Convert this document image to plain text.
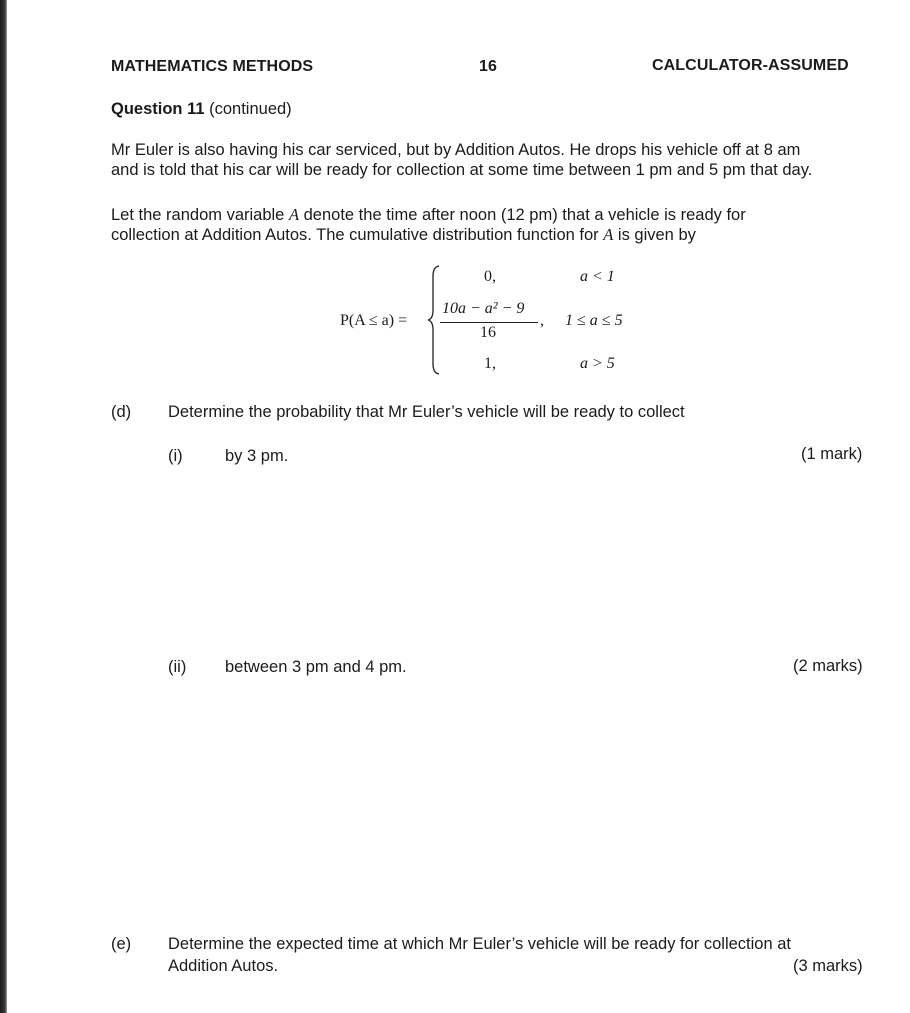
MATHEMATICS METHODS	16	CALCULATOR-ASSUMED
Question 11 (continued)
Mr Euler is also having his car serviced, but by Addition Autos. He drops his vehicle off at 8 am
and is told that his car will be ready for collection at some time between 1 pm and 5 pm that day.
Let the random variable A denote the time after noon (12 pm) that a vehicle is ready for
collection at Addition Autos. The cumulative distribution function for A is given by
P(A ≤ a) =
0,	a < 1
10a − a² − 9
16
, 1 ≤ a ≤ 5
1,	a > 5
(d) Determine the probability that Mr Euler’s vehicle will be ready to collect
(i)	by 3 pm.	(1 mark)
(ii) between 3 pm and 4 pm.	(2 marks)
(e) Determine the expected time at which Mr Euler’s vehicle will be ready for collection at
Addition Autos.	(3 marks)
